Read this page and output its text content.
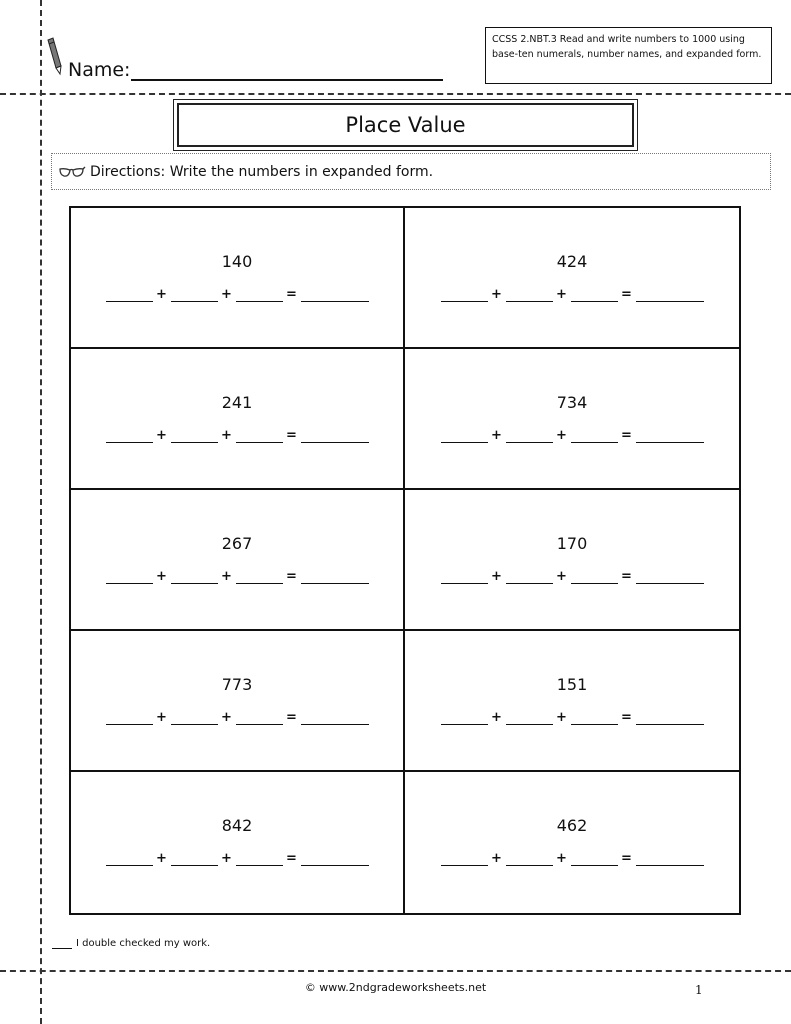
Name:
CCSS 2.NBT.3 Read and write numbers to 1000 using base-ten numerals, number names, and expanded form.
Place Value
Directions: Write the numbers in expanded form.
140
+	+	=
424
+	+	=
241
+	+	=
734
+	+	=
267
+	+	=
170
+	+	=
773
+	+	=
151
+	+	=
842
+	+	=
462
+	+	=
I double checked my work.
© www.2ndgradeworksheets.net	1
